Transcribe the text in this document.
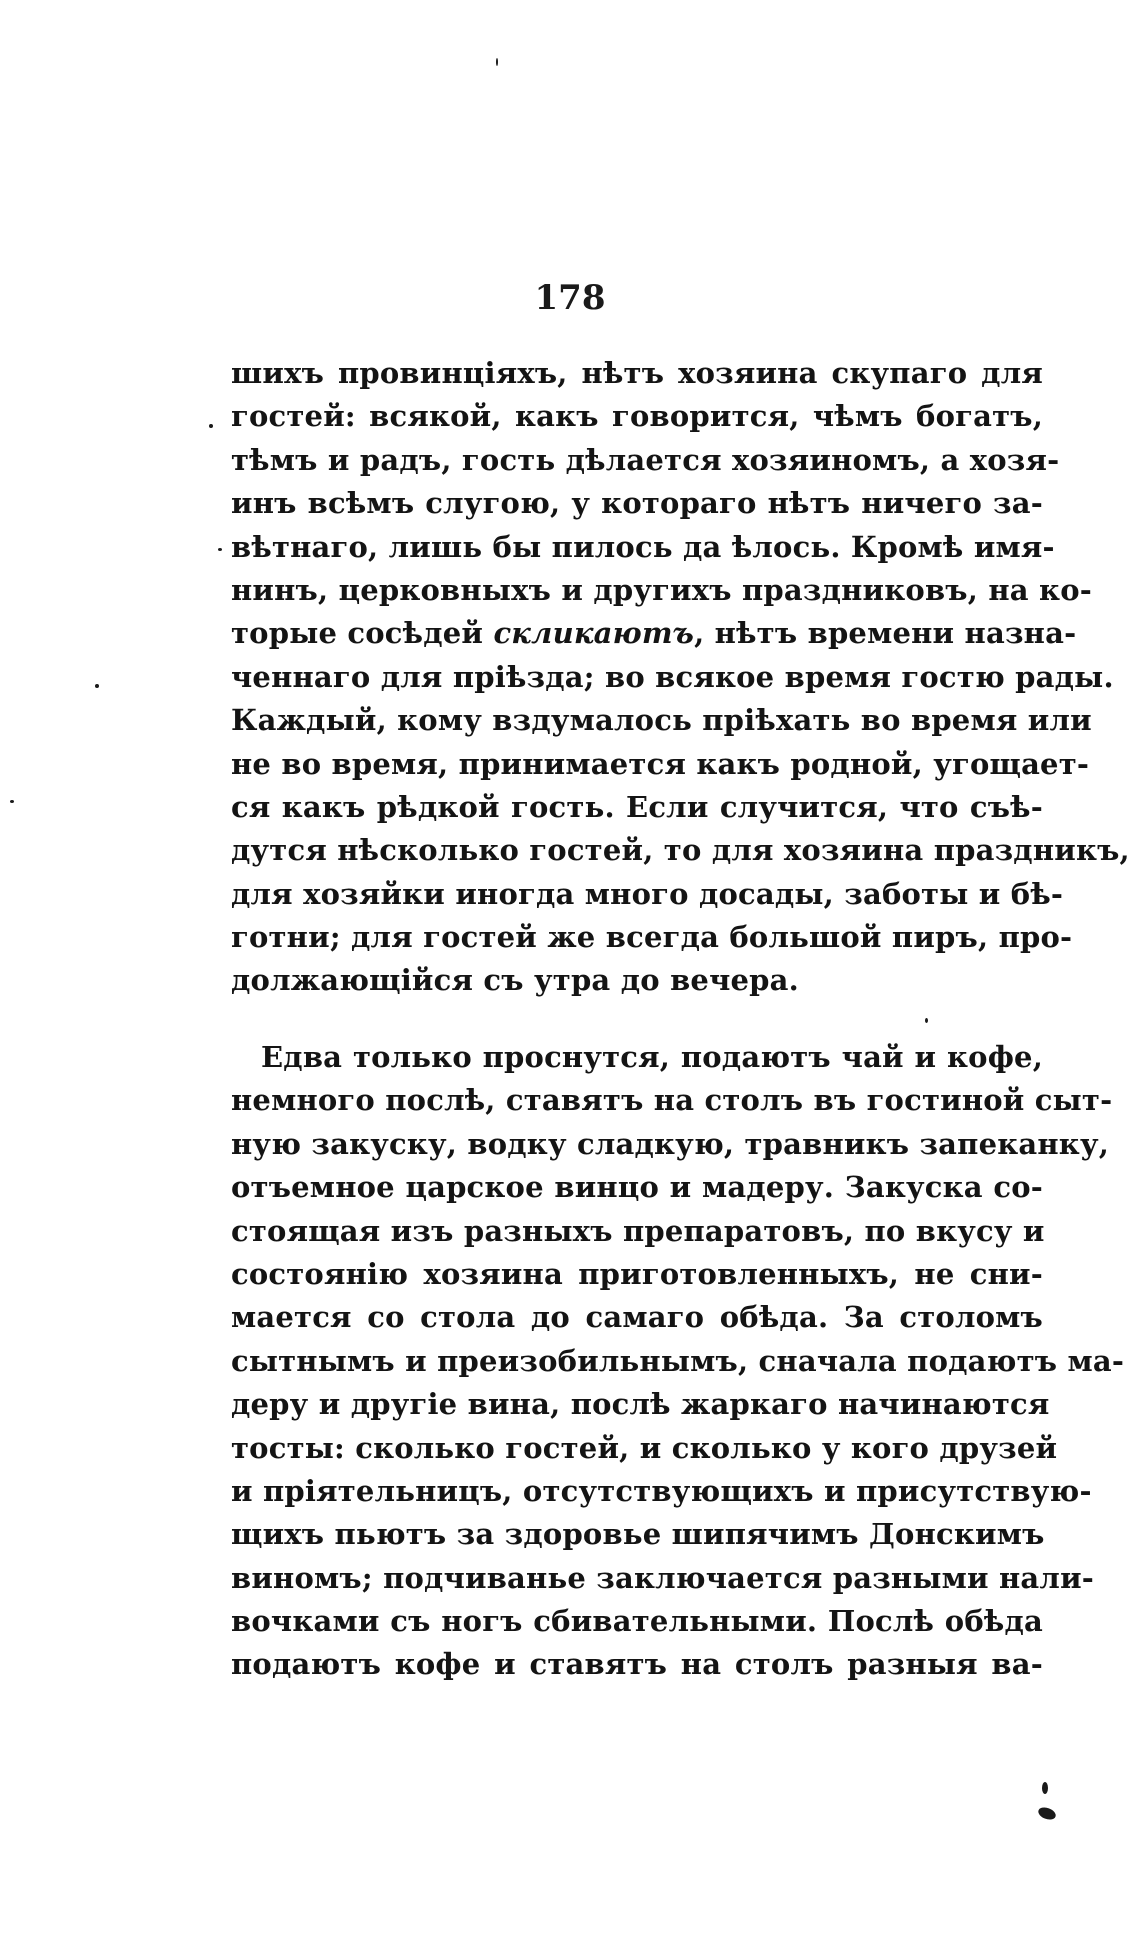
178
шихъ провинціяхъ, нѣтъ хозяина скупаго для
гостей: всякой, какъ говорится, чѣмъ богатъ,
тѣмъ и радъ, гость дѣлается хозяиномъ, а хозя-
инъ всѣмъ слугою, у котораго нѣтъ ничего за-
вѣтнаго, лишь бы пилось да ѣлось. Кромѣ имя-
нинъ, церковныхъ и другихъ праздниковъ, на ко-
торые сосѣдей скликаютъ, нѣтъ времени назна-
ченнаго для пріѣзда; во всякое время гостю рады.
Каждый, кому вздумалось пріѣхать во время или
не во время, принимается какъ родной, угощает-
ся какъ рѣдкой гость. Если случится, что съѣ-
дутся нѣсколько гостей, то для хозяина праздникъ,
для хозяйки иногда много досады, заботы и бѣ-
готни; для гостей же всегда большой пиръ, про-
должающійся съ утра до вечера.
Едва только проснутся, подаютъ чай и кофе,
немного послѣ, ставятъ на столъ въ гостиной сыт-
ную закуску, водку сладкую, травникъ запеканку,
отъемное царское винцо и мадеру. Закуска со-
стоящая изъ разныхъ препаратовъ, по вкусу и
состоянію хозяина приготовленныхъ, не сни-
мается со стола до самаго обѣда. За столомъ
сытнымъ и преизобильнымъ, сначала подаютъ ма-
деру и другіе вина, послѣ жаркаго начинаются
тосты: сколько гостей, и сколько у кого друзей
и пріятельницъ, отсутствующихъ и присутствую-
щихъ пьютъ за здоровье шипячимъ Донскимъ
виномъ; подчиванье заключается разными нали-
вочками съ ногъ сбивательными. Послѣ обѣда
подаютъ кофе и ставятъ на столъ разныя ва-
